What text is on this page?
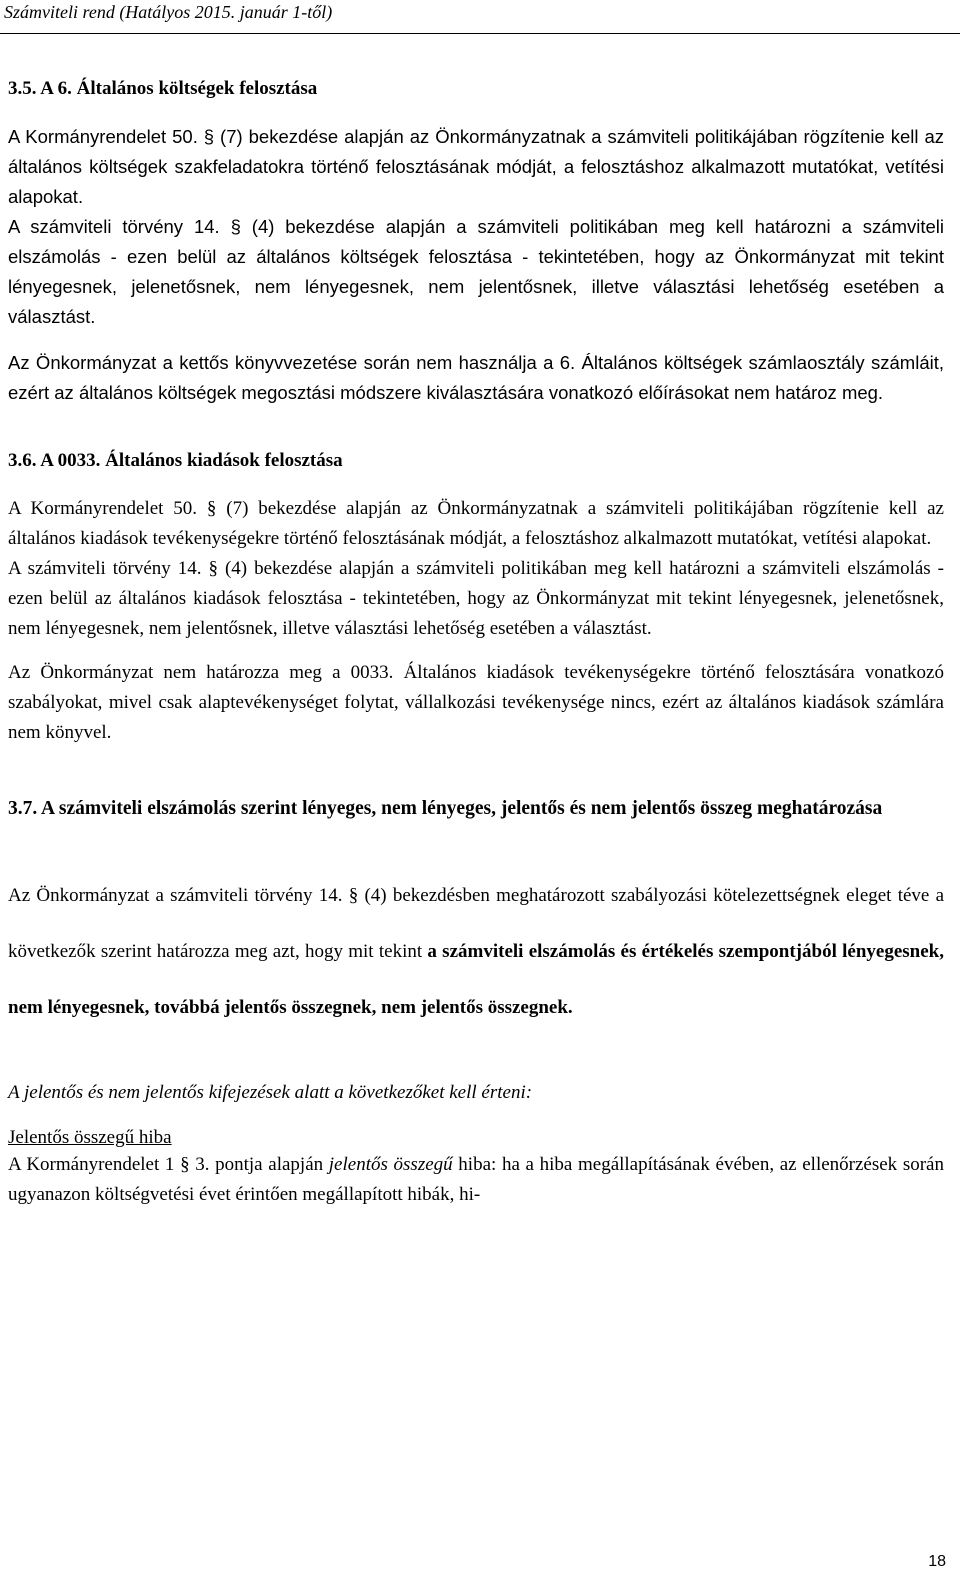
Számviteli rend (Hatályos 2015. január 1-től)
3.5. A 6. Általános költségek felosztása

A Kormányrendelet 50. § (7) bekezdése alapján az Önkormányzatnak a számviteli politikájában rögzítenie kell az általános költségek szakfeladatokra történő felosztásának módját, a felosztáshoz alkalmazott mutatókat, vetítési alapokat.

A számviteli törvény 14. § (4) bekezdése alapján a számviteli politikában meg kell határozni a számviteli elszámolás - ezen belül az általános költségek felosztása - tekintetében, hogy az Önkormányzat mit tekint lényegesnek, jelenetősnek, nem lényegesnek, nem jelentősnek, illetve választási lehetőség esetében a választást.

Az Önkormányzat a kettős könyvvezetése során nem használja a 6. Általános költségek számlaosztály számláit, ezért az általános költségek megosztási módszere kiválasztására vonatkozó előírásokat nem határoz meg.

3.6. A 0033. Általános kiadások felosztása

A Kormányrendelet 50. § (7) bekezdése alapján az Önkormányzatnak a számviteli politikájában rögzítenie kell az általános kiadások tevékenységekre történő felosztásának módját, a felosztáshoz alkalmazott mutatókat, vetítési alapokat.

A számviteli törvény 14. § (4) bekezdése alapján a számviteli politikában meg kell határozni a számviteli elszámolás - ezen belül az általános kiadások felosztása - tekintetében, hogy az Önkormányzat mit tekint lényegesnek, jelenetősnek, nem lényegesnek, nem jelentősnek, illetve választási lehetőség esetében a választást.

Az Önkormányzat nem határozza meg a 0033. Általános kiadások tevékenységekre történő felosztására vonatkozó szabályokat, mivel csak alaptevékenységet folytat, vállalkozási tevékenysége nincs, ezért az általános kiadások számlára nem könyvel.

3.7. A számviteli elszámolás szerint lényeges, nem lényeges, jelentős és nem jelentős összeg meghatározása

Az Önkormányzat a számviteli törvény 14. § (4) bekezdésben meghatározott szabályozási kötelezettségnek eleget téve a következők szerint határozza meg azt, hogy mit tekint a számviteli elszámolás és értékelés szempontjából lényegesnek, nem lényegesnek, továbbá jelentős összegnek, nem jelentős összegnek.

A jelentős és nem jelentős kifejezések alatt a következőket kell érteni:

Jelentős összegű hiba

A Kormányrendelet 1 § 3. pontja alapján jelentős összegű hiba: ha a hiba megállapításának évében, az ellenőrzések során ugyanazon költségvetési évet érintően megállapított hibák, hi-

18
